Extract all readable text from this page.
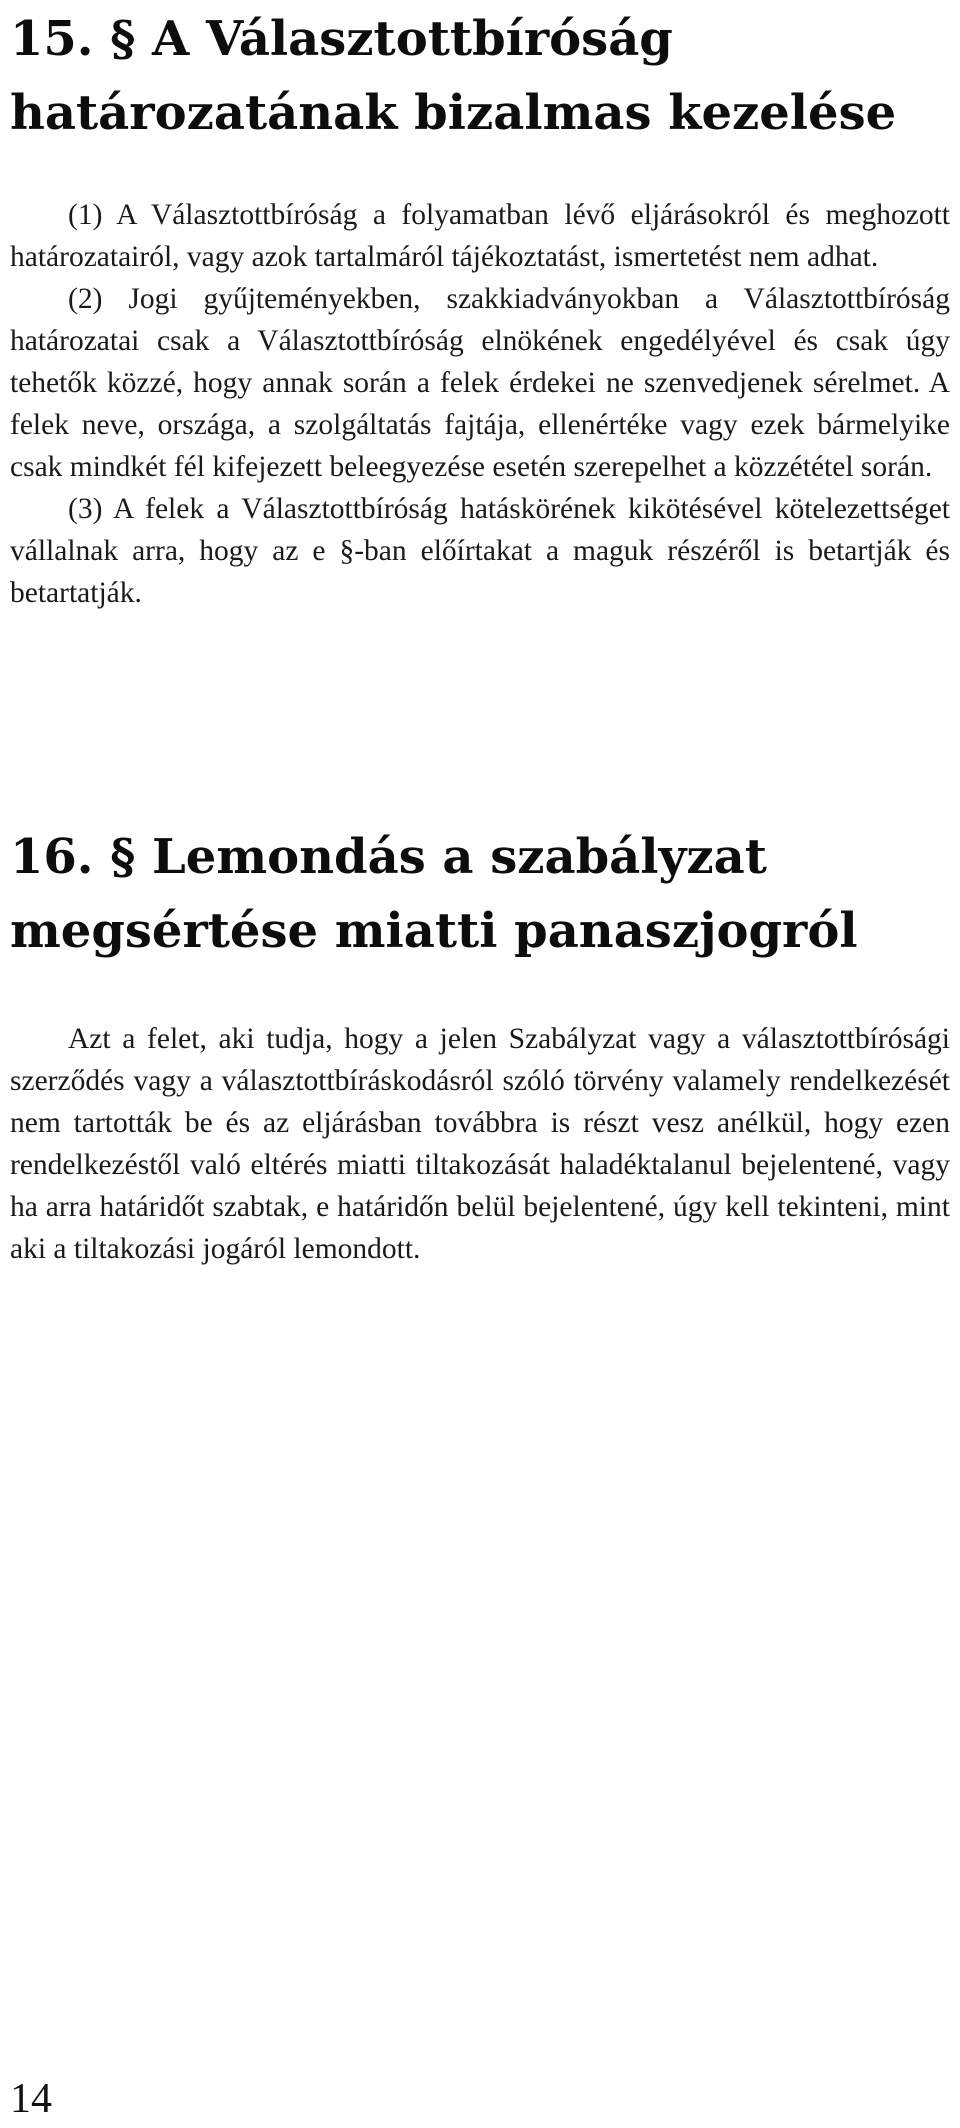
15. § A Választottbíróság
határozatának bizalmas kezelése

(1) A Választottbíróság a folyamatban lévő eljárásokról és meghozott határozatairól, vagy azok tartalmáról tájékoztatást, ismertetést nem adhat.

(2) Jogi gyűjteményekben, szakkiadványokban a Választottbíróság határozatai csak a Választottbíróság elnökének engedélyével és csak úgy tehetők közzé, hogy annak során a felek érdekei ne szenvedjenek sérelmet. A felek neve, országa, a szolgáltatás fajtája, ellenértéke vagy ezek bármelyike csak mindkét fél kifejezett beleegyezése esetén szerepelhet a közzététel során.

(3) A felek a Választottbíróság hatáskörének kikötésével kötelezettséget vállalnak arra, hogy az e §-ban előírtakat a maguk részéről is betartják és betartatják.

16. § Lemondás a szabályzat
megsértése miatti panaszjogról

Azt a felet, aki tudja, hogy a jelen Szabályzat vagy a választottbírósági szerződés vagy a választottbíráskodásról szóló törvény valamely rendelkezését nem tartották be és az eljárásban továbbra is részt vesz anélkül, hogy ezen rendelkezéstől való eltérés miatti tiltakozását haladéktalanul bejelentené, vagy ha arra határidőt szabtak, e határidőn belül bejelentené, úgy kell tekinteni, mint aki a tiltakozási jogáról lemondott.

14
